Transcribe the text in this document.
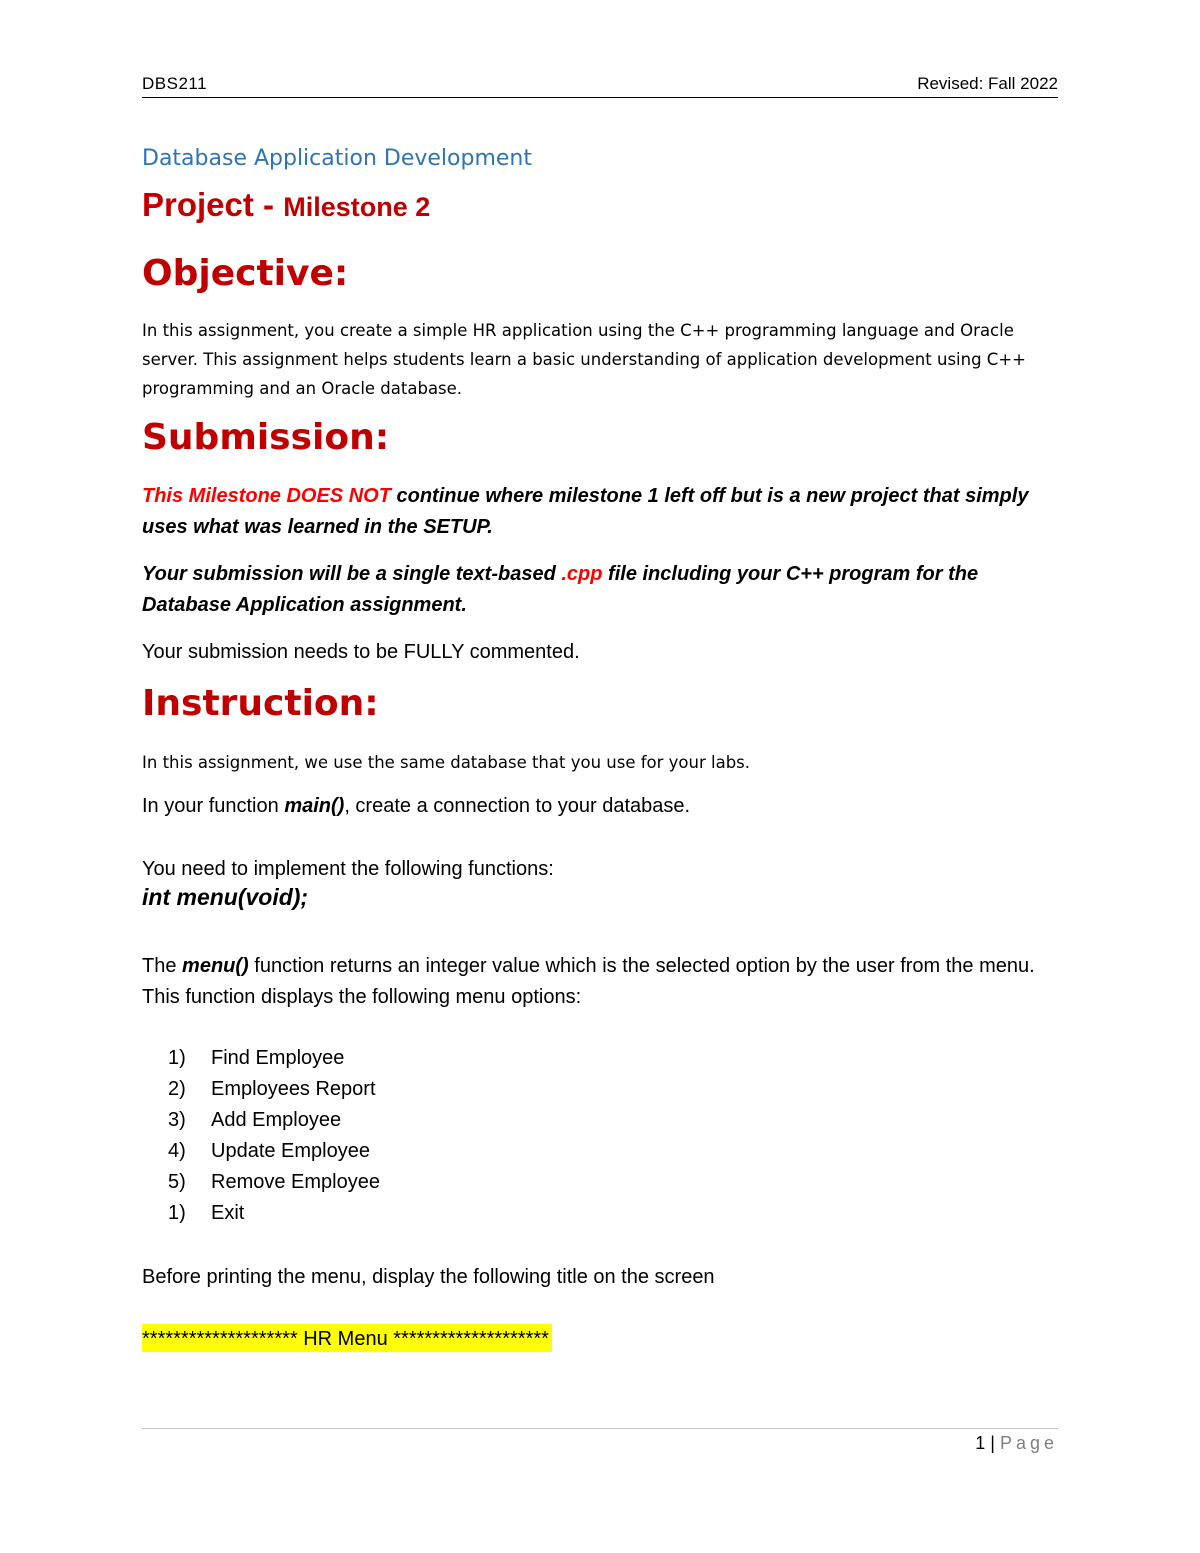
DBS211	Revised: Fall 2022
Database Application Development
Project - Milestone 2
Objective:
In this assignment, you create a simple HR application using the C++ programming language and Oracle server. This assignment helps students learn a basic understanding of application development using C++ programming and an Oracle database.
Submission:
This Milestone DOES NOT continue where milestone 1 left off but is a new project that simply uses what was learned in the SETUP.
Your submission will be a single text-based .cpp file including your C++ program for the Database Application assignment.
Your submission needs to be FULLY commented.
Instruction:
In this assignment, we use the same database that you use for your labs.
In your function main(), create a connection to your database.
You need to implement the following functions:
int menu(void);
The menu() function returns an integer value which is the selected option by the user from the menu. This function displays the following menu options:
1) Find Employee
2) Employees Report
3) Add Employee
4) Update Employee
5) Remove Employee
1) Exit
Before printing the menu, display the following title on the screen
******************** HR Menu ********************
1 | Page
